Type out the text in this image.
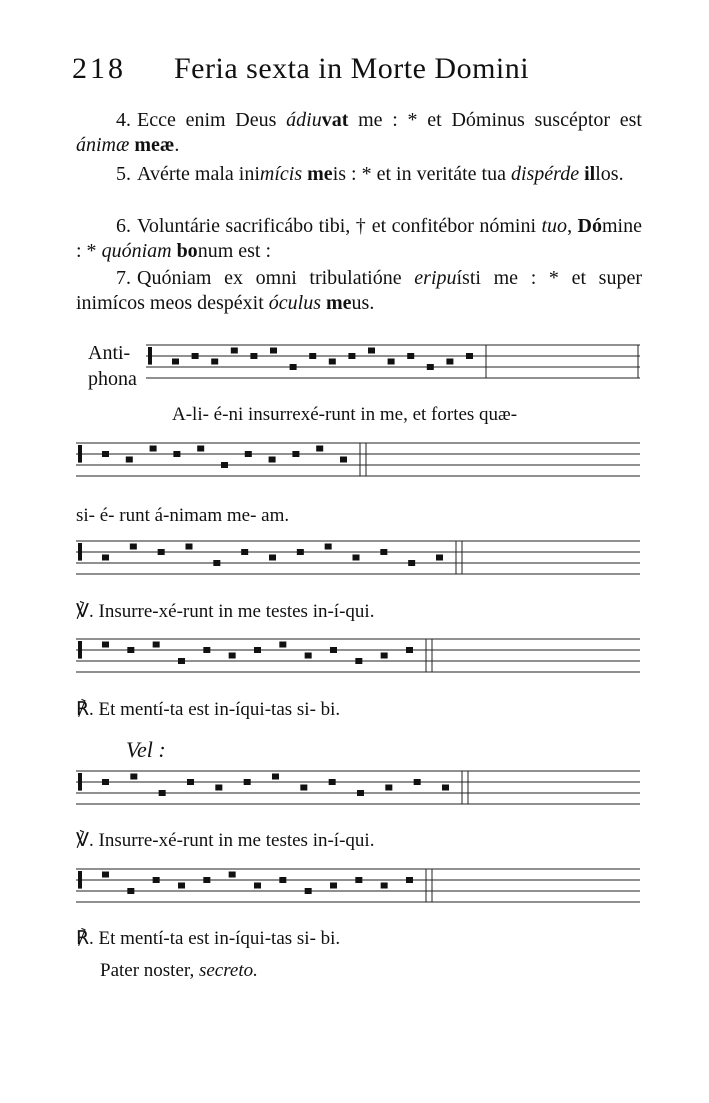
218 Feria sexta in Morte Domini
4. Ecce enim Deus ádiuvat me : * et Dóminus suscéptor est ánimæ meæ.
5. Avérte mala inimícis meis : * et in veritáte tua dispérde illos.
6. Voluntárie sacrificábo tibi, † et confitébor nómini tuo, Dómine : * quóniam bonum est :
7. Quóniam ex omni tribulatióne eripuísti me : * et super inimícos meos despéxit óculus meus.
Anti-
phona
A-li- é-ni insurrexé-runt in me, et fortes quæ-
si- é- runt á-nimam me- am.
℣. Insurre-xé-runt in me testes in-í-qui.
℟. Et mentí-ta est in-íqui-tas si- bi.
Vel :
℣. Insurre-xé-runt in me testes in-í-qui.
℟. Et mentí-ta est in-íqui-tas si- bi.
Pater noster, secreto.
